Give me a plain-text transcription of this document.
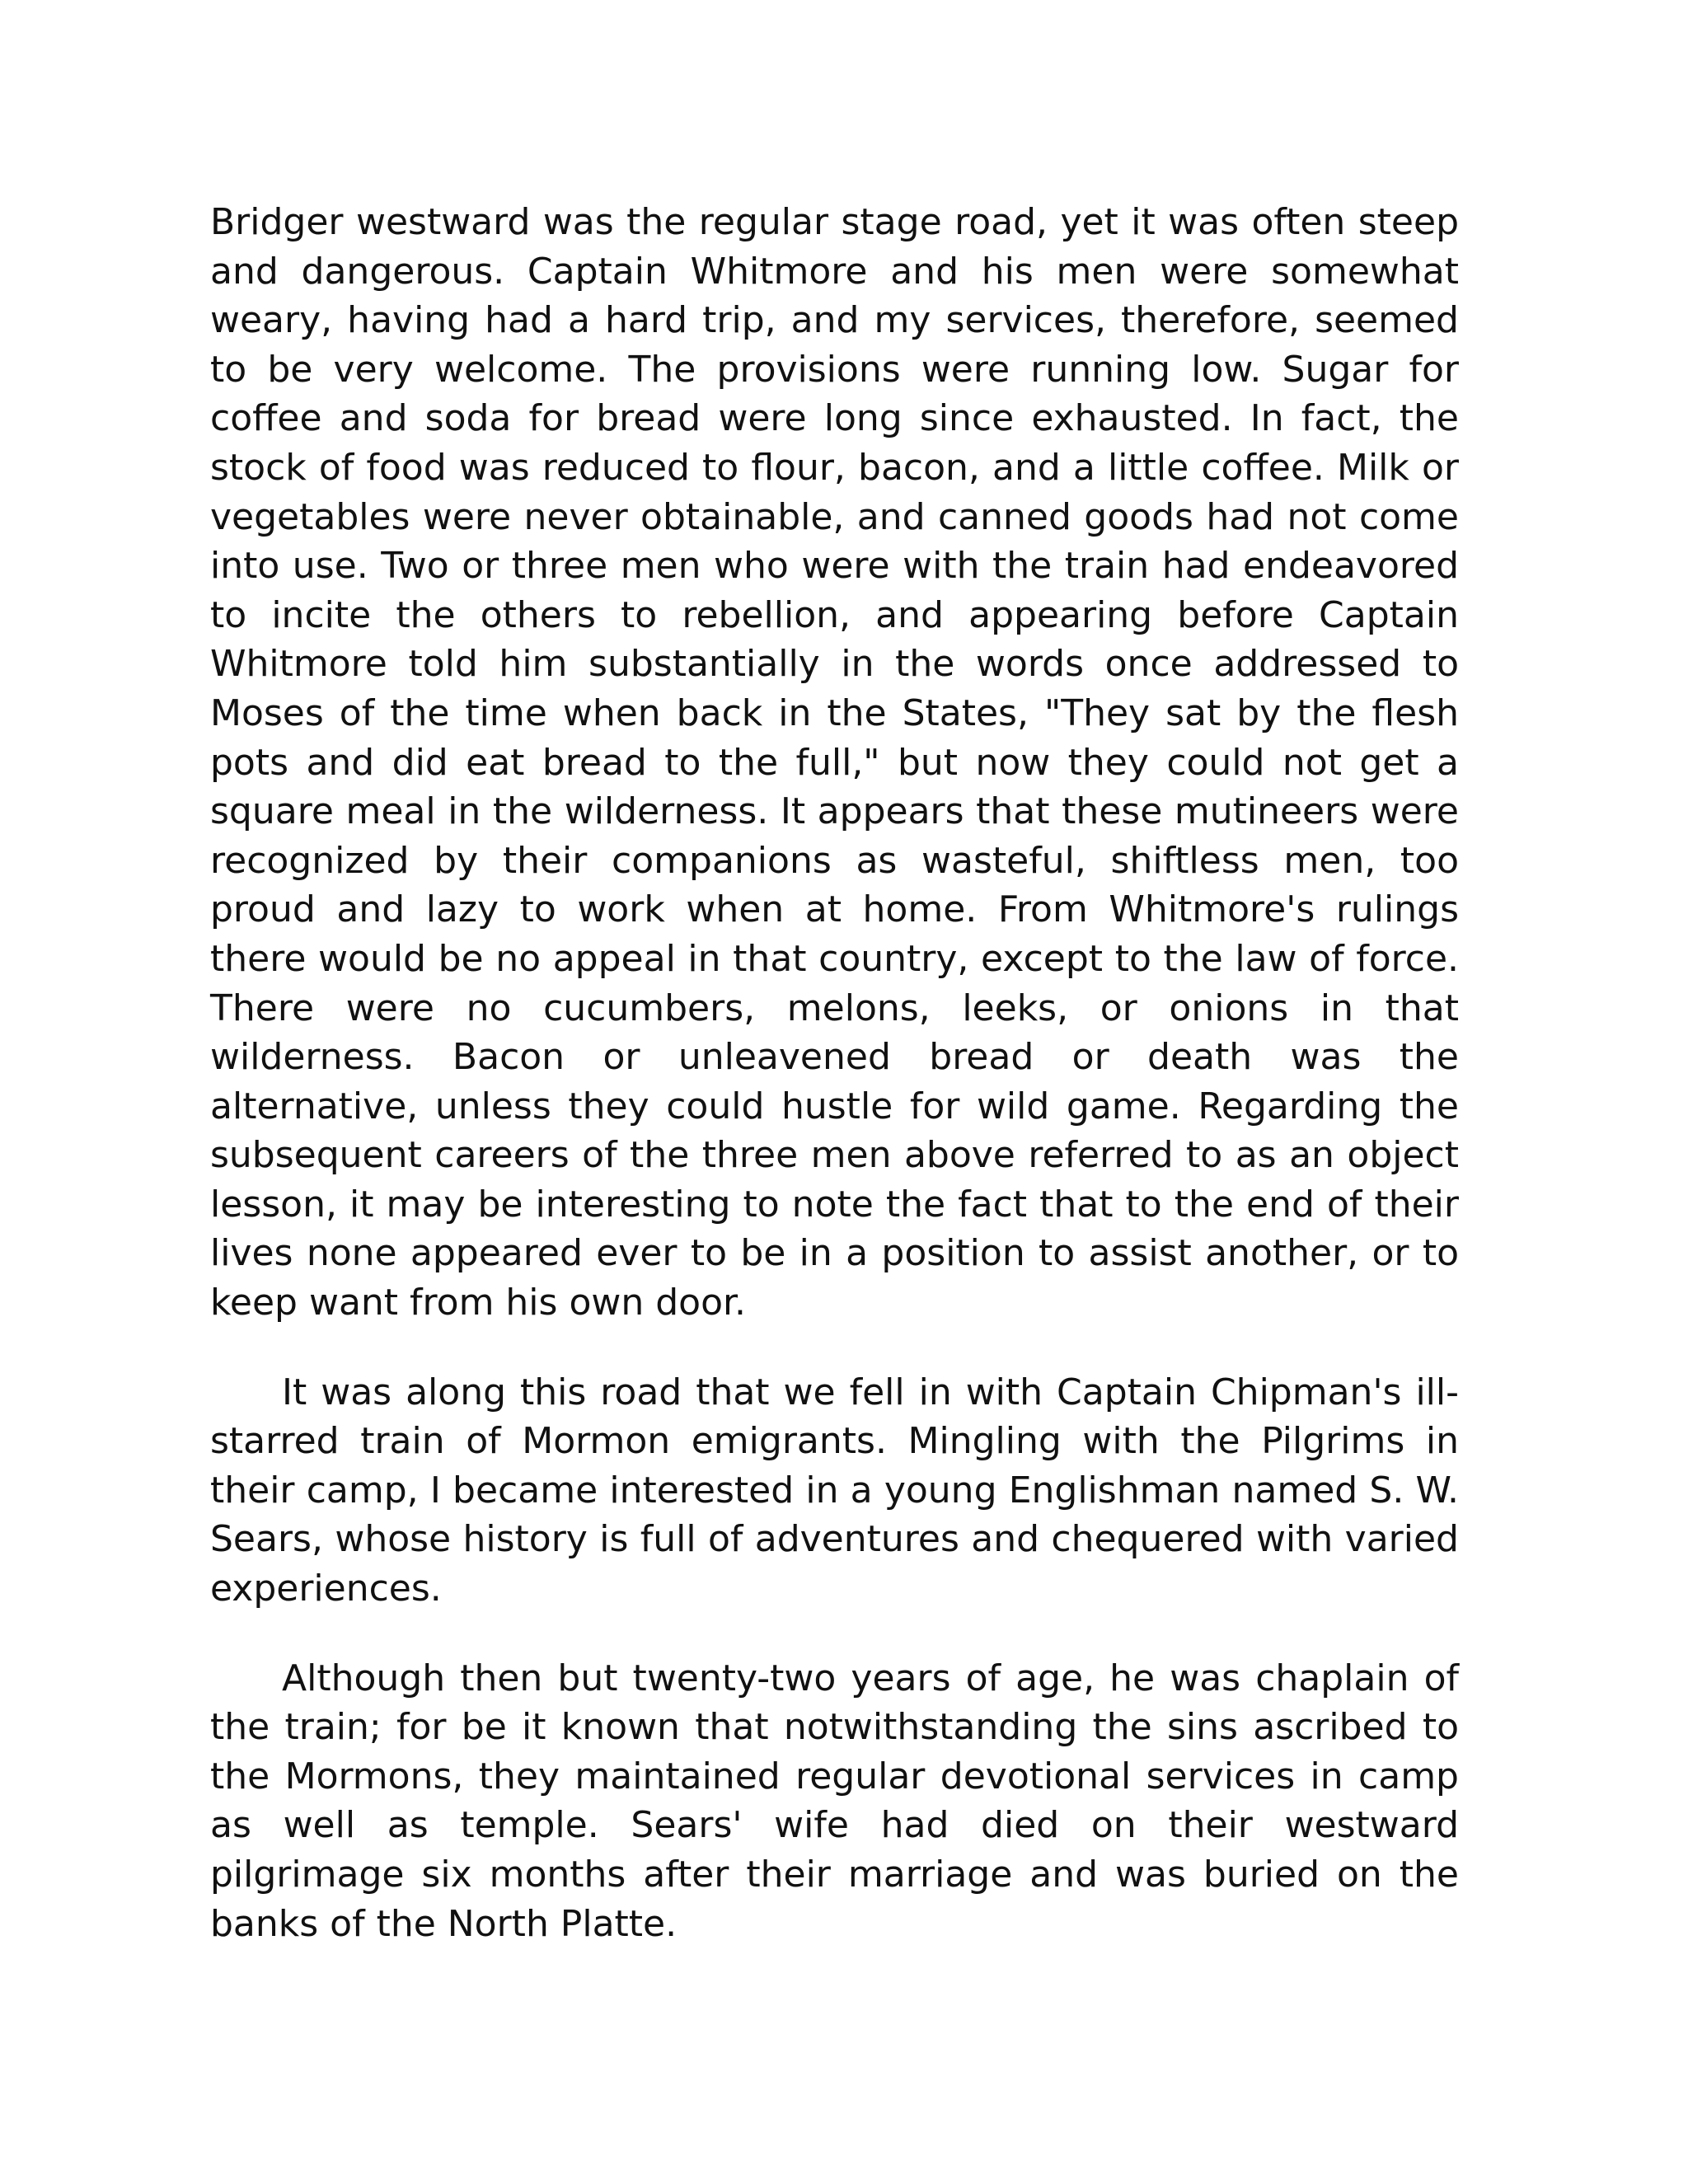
Bridger westward was the regular stage road, yet it was often steep and dangerous. Captain Whitmore and his men were somewhat weary, having had a hard trip, and my services, therefore, seemed to be very welcome. The provisions were running low. Sugar for coffee and soda for bread were long since exhausted. In fact, the stock of food was reduced to flour, bacon, and a little coffee. Milk or vegetables were never obtainable, and canned goods had not come into use. Two or three men who were with the train had endeavored to incite the others to rebellion, and appearing before Captain Whitmore told him substantially in the words once addressed to Moses of the time when back in the States, "They sat by the flesh pots and did eat bread to the full," but now they could not get a square meal in the wilderness. It appears that these mutineers were recognized by their companions as wasteful, shiftless men, too proud and lazy to work when at home. From Whitmore's rulings there would be no appeal in that country, except to the law of force. There were no cucumbers, melons, leeks, or onions in that wilderness. Bacon or unleavened bread or death was the alternative, unless they could hustle for wild game. Regarding the subsequent careers of the three men above referred to as an object lesson, it may be interesting to note the fact that to the end of their lives none appeared ever to be in a position to assist another, or to keep want from his own door.

It was along this road that we fell in with Captain Chipman's ill-starred train of Mormon emigrants. Mingling with the Pilgrims in their camp, I became interested in a young Englishman named S. W. Sears, whose history is full of adventures and chequered with varied experiences.

Although then but twenty-two years of age, he was chaplain of the train; for be it known that notwithstanding the sins ascribed to the Mormons, they maintained regular devotional services in camp as well as temple. Sears' wife had died on their westward pilgrimage six months after their marriage and was buried on the banks of the North Platte.
